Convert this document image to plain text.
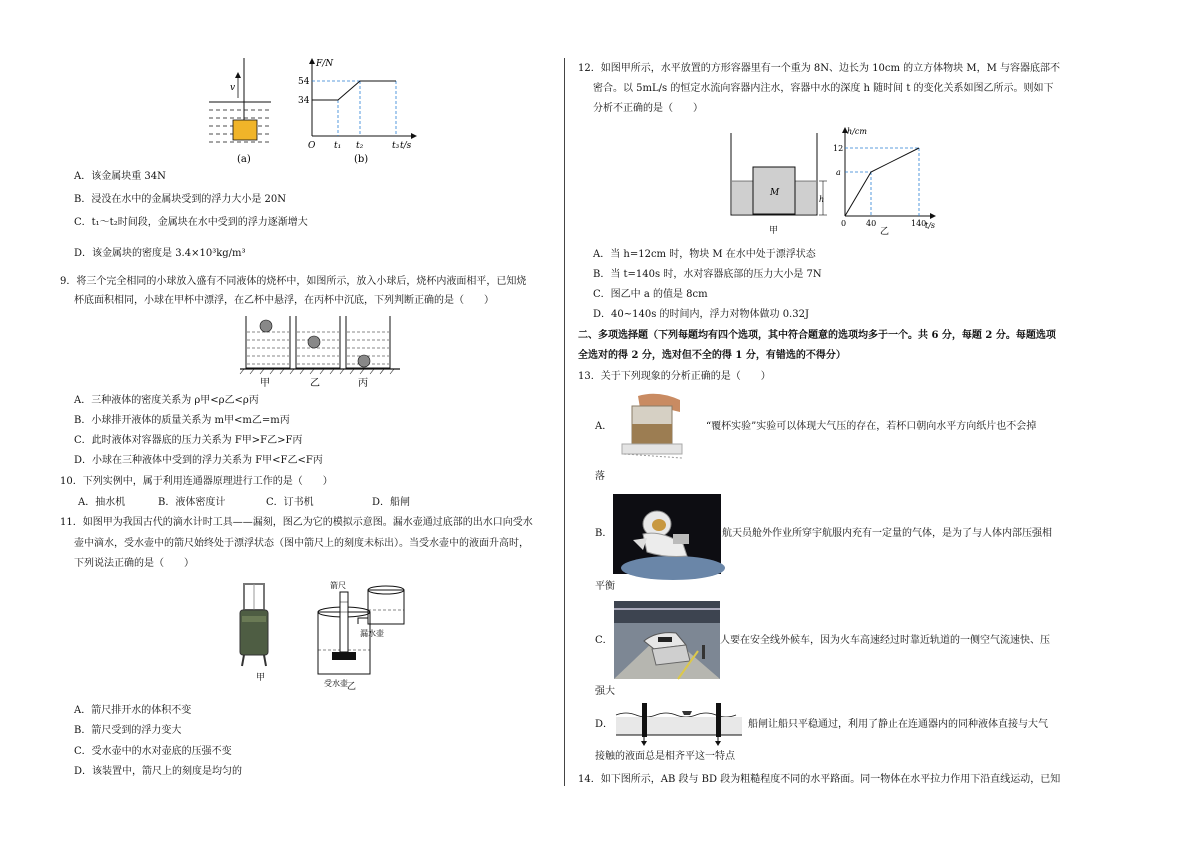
v
(a)
F/N
t/s
54
34
O t₁ t₂	t₃
(b)
A．该金属块重 34N
B．浸没在水中的金属块受到的浮力大小是 20N
C．t₁～t₂时间段，金属块在水中受到的浮力逐渐增大
D．该金属块的密度是 3.4×10³kg/m³
9．将三个完全相同的小球放入盛有不同液体的烧杯中，如图所示，放入小球后，烧杯内液面相平，已知烧
杯底面积相同，小球在甲杯中漂浮，在乙杯中悬浮，在丙杯中沉底，下列判断正确的是（　　）
甲	乙	丙
A．三种液体的密度关系为 ρ甲<ρ乙<ρ丙
B．小球排开液体的质量关系为 m甲<m乙=m丙
C．此时液体对容器底的压力关系为 F甲>F乙>F丙
D．小球在三种液体中受到的浮力关系为 F甲<F乙<F丙
10．下列实例中，属于利用连通器原理进行工作的是（　　）
A．抽水机	B．液体密度计	C．订书机	D．船闸
11．如图甲为我国古代的滴水计时工具——漏刻，图乙为它的模拟示意图。漏水壶通过底部的出水口向受水
壶中滴水，受水壶中的箭尺始终处于漂浮状态（图中箭尺上的刻度未标出）。当受水壶中的液面升高时，
下列说法正确的是（　　）
甲
漏水壶
箭尺
受水壶 乙
A．箭尺排开水的体积不变
B．箭尺受到的浮力变大
C．受水壶中的水对壶底的压强不变
D．该装置中，箭尺上的刻度是均匀的
12．如图甲所示，水平放置的方形容器里有一个重为 8N、边长为 10cm 的立方体物块 M，M 与容器底部不
密合。以 5mL/s 的恒定水流向容器内注水，容器中水的深度 h 随时间 t 的变化关系如图乙所示。则如下
分析不正确的是（　　）
M
h
甲
h/cm
t/s
12
a
0 40	140
乙
A．当 h=12cm 时，物块 M 在水中处于漂浮状态
B．当 t=140s 时，水对容器底部的压力大小是 7N
C．图乙中 a 的值是 8cm
D．40~140s 的时间内，浮力对物体做功 0.32J
二、多项选择题（下列每题均有四个选项，其中符合题意的选项均多于一个。共 6 分，每题 2 分。每题选项
全选对的得 2 分，选对但不全的得 1 分，有错选的不得分）
13．关于下列现象的分析正确的是（　　）
A．	“覆杯实验”实验可以体现大气压的存在，若杯口朝向水平方向纸片也不会掉
落
B．	航天员舱外作业所穿宇航服内充有一定量的气体，是为了与人体内部压强相
平衡
C．	人要在安全线外候车，因为火车高速经过时靠近轨道的一侧空气流速快、压
强大
D．	船闸让船只平稳通过，利用了静止在连通器内的同种液体直接与大气
接触的液面总是相齐平这一特点
14．如下图所示，AB 段与 BD 段为粗糙程度不同的水平路面。同一物体在水平拉力作用下沿直线运动，已知
